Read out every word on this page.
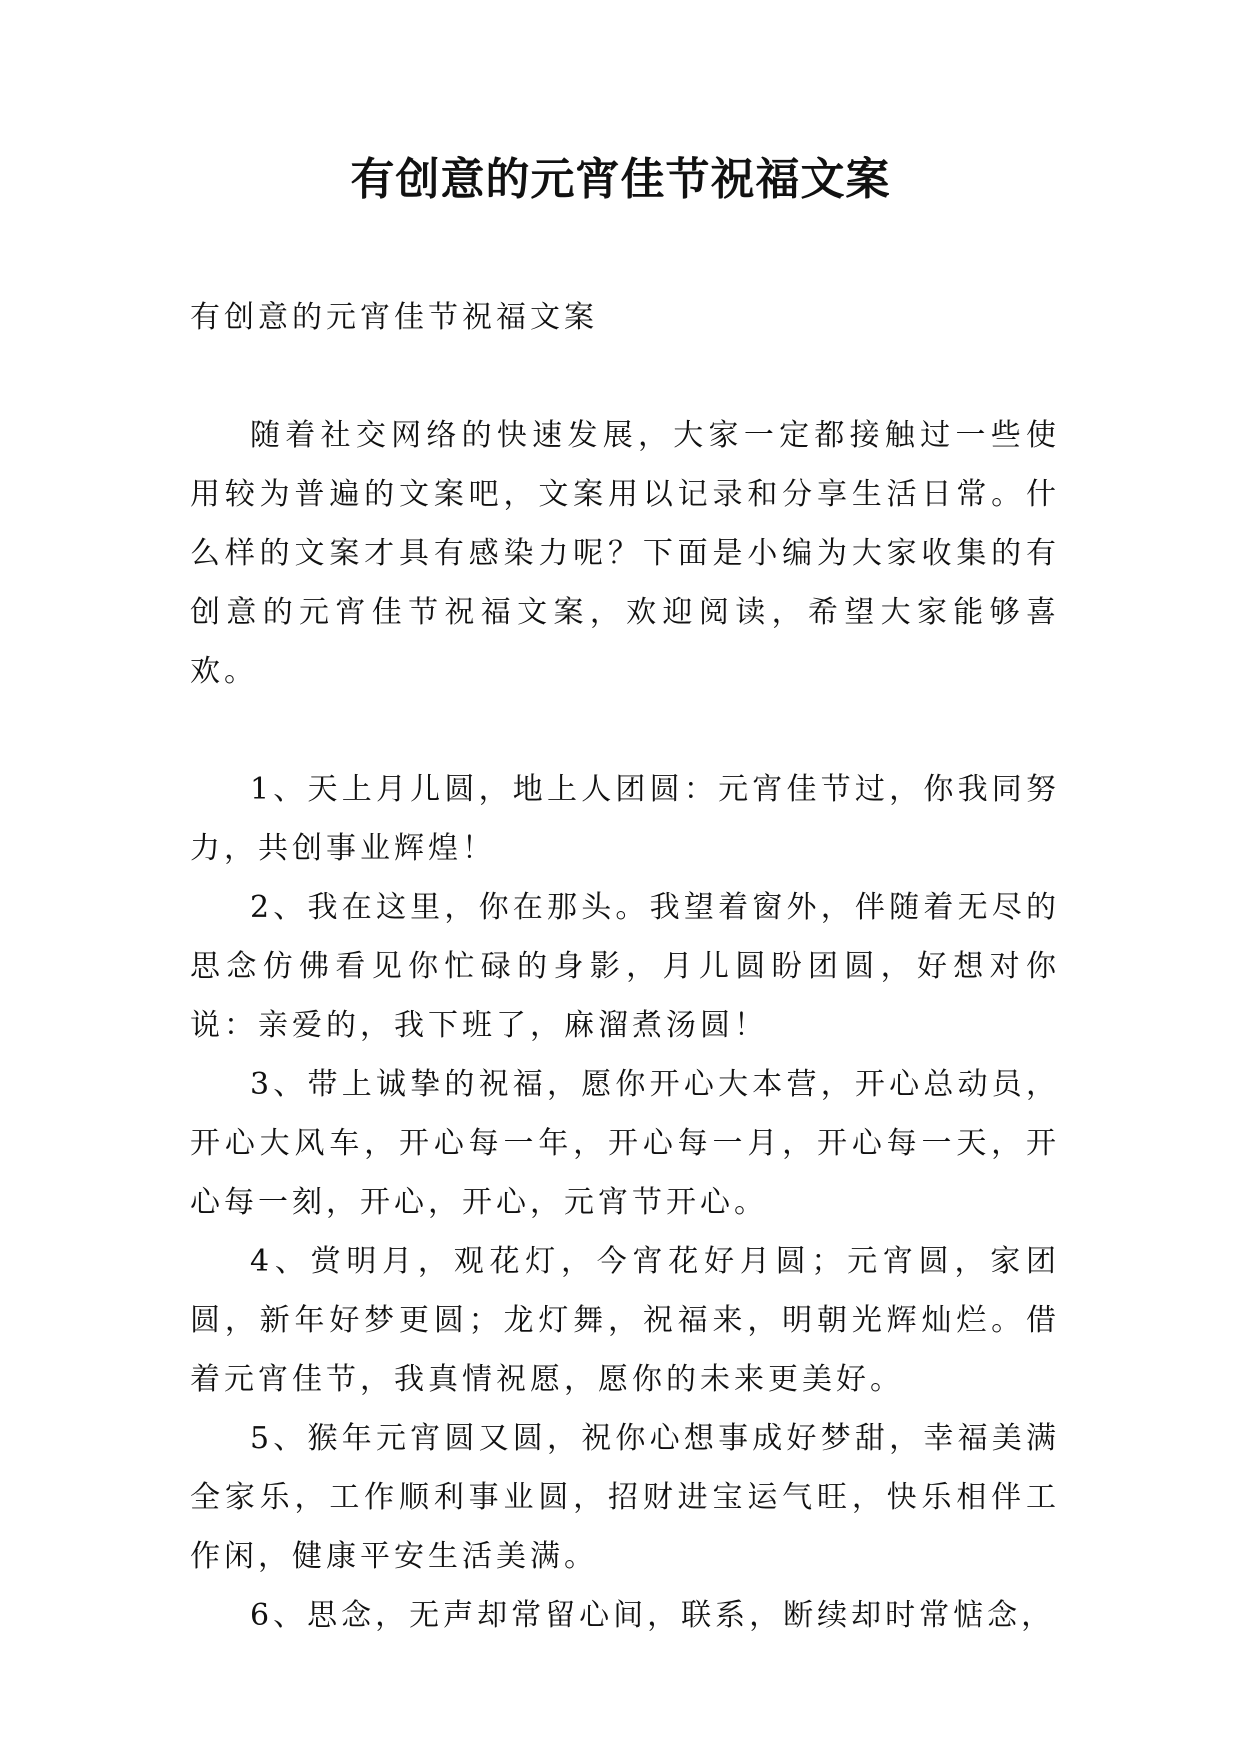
有创意的元宵佳节祝福文案

有创意的元宵佳节祝福文案

随着社交网络的快速发展，大家一定都接触过一些使用较为普遍的文案吧，文案用以记录和分享生活日常。什么样的文案才具有感染力呢？下面是小编为大家收集的有创意的元宵佳节祝福文案，欢迎阅读，希望大家能够喜欢。

1、天上月儿圆，地上人团圆：元宵佳节过，你我同努力，共创事业辉煌！

2、我在这里，你在那头。我望着窗外，伴随着无尽的思念仿佛看见你忙碌的身影，月儿圆盼团圆，好想对你说：亲爱的，我下班了，麻溜煮汤圆！

3、带上诚挚的祝福，愿你开心大本营，开心总动员，开心大风车，开心每一年，开心每一月，开心每一天，开心每一刻，开心，开心，元宵节开心。

4、赏明月，观花灯，今宵花好月圆；元宵圆，家团圆，新年好梦更圆；龙灯舞，祝福来，明朝光辉灿烂。借着元宵佳节，我真情祝愿，愿你的未来更美好。

5、猴年元宵圆又圆，祝你心想事成好梦甜，幸福美满全家乐，工作顺利事业圆，招财进宝运气旺，快乐相伴工作闲，健康平安生活美满。

6、思念，无声却常留心间，联系，断续却时常惦念，
